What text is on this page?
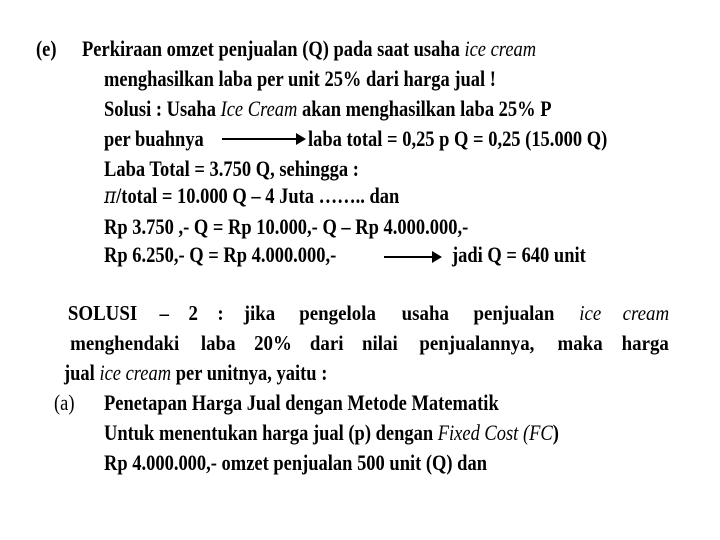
(e) Perkiraan omzet penjualan (Q) pada saat usaha ice cream
menghasilkan laba per unit 25% dari harga jual !
Solusi : Usaha Ice Cream akan menghasilkan laba 25% P
per buahnya	laba total = 0,25 p Q = 0,25 (15.000 Q)
Laba Total = 3.750 Q, sehingga :
π/total = 10.000 Q – 4 Juta …….. dan
Rp 3.750 ,- Q = Rp 10.000,- Q – Rp 4.000.000,-
Rp 6.250,- Q = Rp 4.000.000,-	jadi Q = 640 unit
SOLUSI – 2 : jika pengelola usaha penjualan ice cream
menghendaki laba 20% dari nilai penjualannya, maka harga
jual ice cream per unitnya, yaitu :
(a) Penetapan Harga Jual dengan Metode Matematik
Untuk menentukan harga jual (p) dengan Fixed Cost (FC)
Rp 4.000.000,- omzet penjualan 500 unit (Q) dan
